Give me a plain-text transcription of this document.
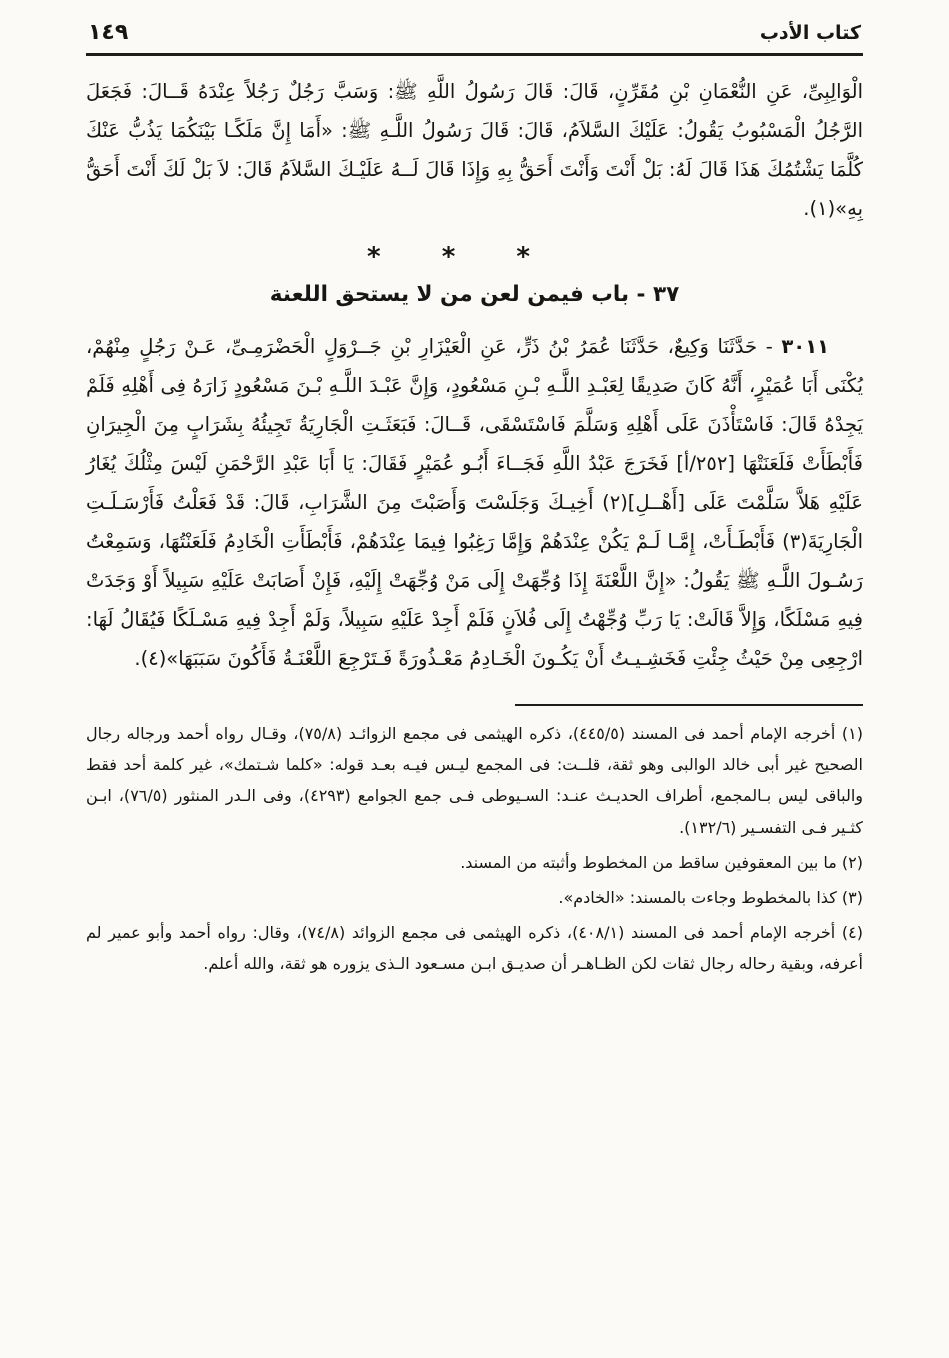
كتاب الأدب
١٤٩

الْوَالِبِىِّ، عَنِ النُّعْمَانِ بْنِ مُقَرِّنٍ، قَالَ: قَالَ رَسُولُ اللَّهِ ﷺ: وَسَبَّ رَجُلٌ رَجُلاً عِنْدَهُ قَــالَ: فَجَعَلَ الرَّجُلُ الْمَسْبُوبُ يَقُولُ: عَلَيْكَ السَّلاَمُ، قَالَ: قَالَ رَسُولُ اللَّـهِ ﷺ: «أَمَا إِنَّ مَلَكًـا بَيْنَكُمَا يَذُبُّ عَنْكَ كُلَّمَا يَشْتُمُكَ هَذَا قَالَ لَهُ: بَلْ أَنْتَ وَأَنْتَ أَحَقُّ بِهِ وَإِذَا قَالَ لَــهُ عَلَيْـكَ السَّلاَمُ قَالَ: لاَ بَلْ لَكَ أَنْتَ أَحَقُّ بِهِ»(١).

* * *
٣٧ - باب فيمن لعن من لا يستحق اللعنة

٣٠١١ - حَدَّثَنَا وَكِيعٌ، حَدَّثَنَا عُمَرُ بْنُ ذَرٍّ، عَنِ الْعَيْزَارِ بْنِ جَــرْوَلٍ الْحَضْرَمِـىِّ، عَـنْ رَجُلٍ مِنْهُمْ، يُكْنَى أَبَا عُمَيْرٍ، أَنَّهُ كَانَ صَدِيقًا لِعَبْـدِ اللَّـهِ بْـنِ مَسْعُودٍ، وَإِنَّ عَبْـدَ اللَّـهِ بْـنَ مَسْعُودٍ زَارَهُ فِى أَهْلِهِ فَلَمْ يَجِدْهُ قَالَ: فَاسْتَأْذَنَ عَلَى أَهْلِهِ وَسَلَّمَ فَاسْتَسْقَى، قَــالَ: فَبَعَثَـتِ الْجَارِيَةُ تَجِيئُهُ بِشَرَابٍ مِنَ الْجِيرَانِ فَأَبْطَأَتْ فَلَعَنَتْهَا [٢٥٢/أ] فَخَرَجَ عَبْدُ اللَّهِ فَجَــاءَ أَبُـو عُمَيْرٍ فَقَالَ: يَا أَبَا عَبْدِ الرَّحْمَنِ لَيْسَ مِثْلُكَ يُغَارُ عَلَيْهِ هَلاَّ سَلَّمْتَ عَلَى [أَهْــلِ](٢) أَخِيـكَ وَجَلَسْتَ وَأَصَبْتَ مِنَ الشَّرَابِ، قَالَ: قَدْ فَعَلْتُ فَأَرْسَـلَـتِ الْجَارِيَةَ(٣) فَأَبْطَـأَتْ، إِمَّـا لَـمْ يَكُنْ عِنْدَهُمْ وَإِمَّا رَغِبُوا فِيمَا عِنْدَهُمْ، فَأَبْطَأَتِ الْخَادِمُ فَلَعَنْتُهَا، وَسَمِعْتُ رَسُـولَ اللَّـهِ ﷺ يَقُولُ: «إِنَّ اللَّعْنَةَ إِذَا وُجِّهَتْ إِلَى مَنْ وُجِّهَتْ إِلَيْهِ، فَإِنْ أَصَابَتْ عَلَيْهِ سَبِيلاً أَوْ وَجَدَتْ فِيهِ مَسْلَكًا، وَإِلاَّ قَالَتْ: يَا رَبِّ وُجِّهْتُ إِلَى فُلاَنٍ فَلَمْ أَجِدْ عَلَيْهِ سَبِيلاً، وَلَمْ أَجِدْ فِيهِ مَسْـلَكًا فَيُقَالُ لَهَا: ارْجِعِى مِنْ حَيْثُ جِئْتِ فَخَشِـيـتُ أَنْ يَكُـونَ الْخَـادِمُ مَعْـذُورَةً فَـتَرْجِعَ اللَّعْنَـةُ فَأَكُونَ سَبَبَهَا»(٤).

(١) أخرجه الإمام أحمد فى المسند (٤٤٥/٥)، ذكره الهيثمى فى مجمع الزوائـد (٧٥/٨)، وقـال رواه أحمد ورجاله رجال الصحيح غير أبى خالد الوالبى وهو ثقة، قلــت: فى المجمع ليـس فيـه بعـد قوله: «كلما شـتمك»، غير كلمة أحد فقط والباقى ليس بـالمجمع، أطراف الحديـث عنـد: السـيوطى فـى جمع الجوامع (٤٢٩٣)، وفى الـدر المنثور (٧٦/٥)، ابـن كثـير فـى التفسـير (١٣٢/٦).

(٢) ما بين المعقوفين ساقط من المخطوط وأثبته من المسند.

(٣) كذا بالمخطوط وجاءت بالمسند: «الخادم».

(٤) أخرجه الإمام أحمد فى المسند (٤٠٨/١)، ذكره الهيثمى فى مجمع الزوائد (٧٤/٨)، وقال: رواه أحمد وأبو عمير لم أعرفه، وبقية رحاله رجال ثقات لكن الظـاهـر أن صديـق ابـن مسـعود الـذى يزوره هو ثقة، والله أعلم.
